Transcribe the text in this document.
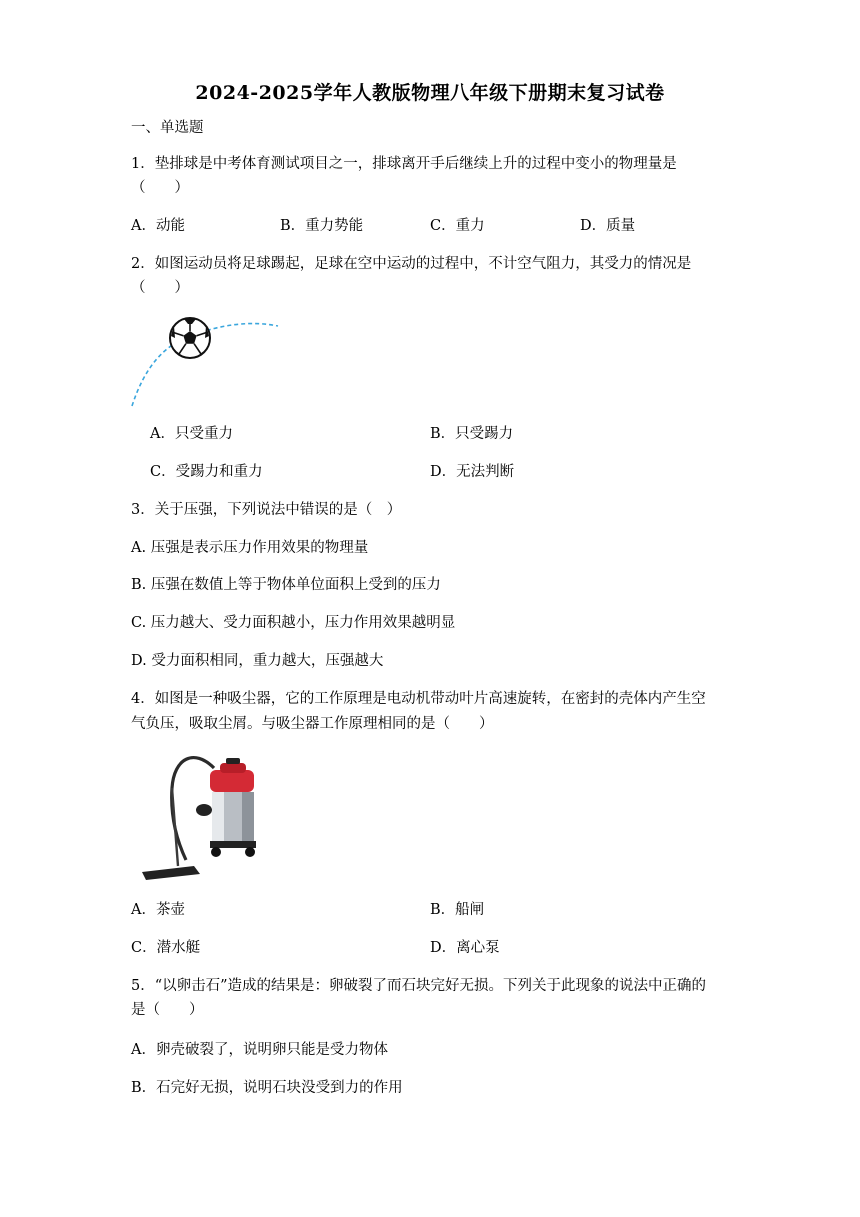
2024-2025学年人教版物理八年级下册期末复习试卷
一、单选题
1．垫排球是中考体育测试项目之一，排球离开手后继续上升的过程中变小的物理量是
（　　）
A．动能	B．重力势能	C．重力	D．质量
2．如图运动员将足球踢起，足球在空中运动的过程中，不计空气阻力，其受力的情况是
（　　）
A．只受重力	B．只受踢力
C．受踢力和重力	D．无法判断
3．关于压强，下列说法中错误的是（　）
A. 压强是表示压力作用效果的物理量
B. 压强在数值上等于物体单位面积上受到的压力
C. 压力越大、受力面积越小，压力作用效果越明显
D. 受力面积相同，重力越大，压强越大
4．如图是一种吸尘器，它的工作原理是电动机带动叶片高速旋转，在密封的壳体内产生空
气负压，吸取尘屑。与吸尘器工作原理相同的是（　　）
A．茶壶	B．船闸
C．潜水艇	D．离心泵
5．“以卵击石”造成的结果是：卵破裂了而石块完好无损。下列关于此现象的说法中正确的
是（　　）
A．卵壳破裂了，说明卵只能是受力物体
B．石完好无损，说明石块没受到力的作用
